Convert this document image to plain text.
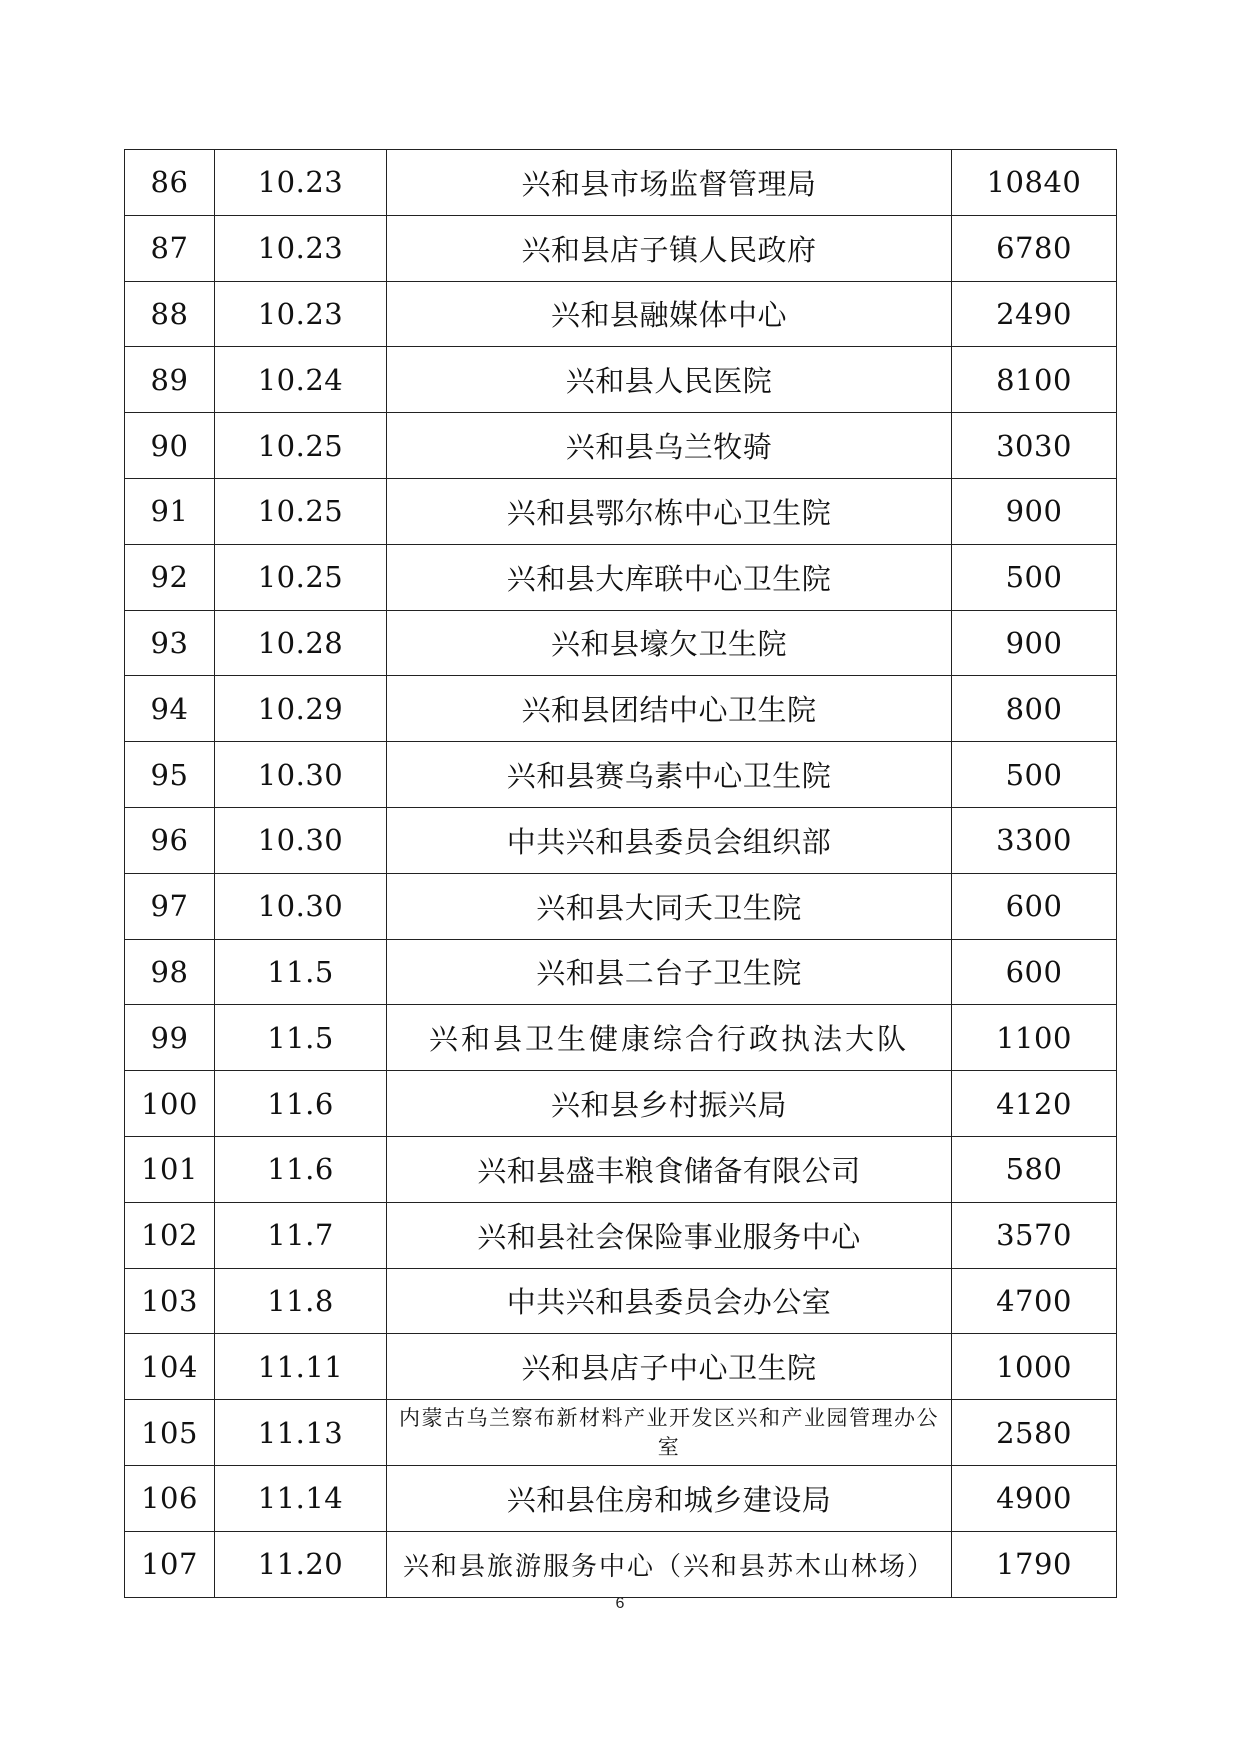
86	10.23	兴和县市场监督管理局	10840
87	10.23	兴和县店子镇人民政府	6780
88	10.23	兴和县融媒体中心	2490
89	10.24	兴和县人民医院	8100
90	10.25	兴和县乌兰牧骑	3030
91	10.25	兴和县鄂尔栋中心卫生院	900
92	10.25	兴和县大库联中心卫生院	500
93	10.28	兴和县壕欠卫生院	900
94	10.29	兴和县团结中心卫生院	800
95	10.30	兴和县赛乌素中心卫生院	500
96	10.30	中共兴和县委员会组织部	3300
97	10.30	兴和县大同夭卫生院	600
98	11.5	兴和县二台子卫生院	600
99	11.5	兴和县卫生健康综合行政执法大队	1100
100	11.6	兴和县乡村振兴局	4120
101	11.6	兴和县盛丰粮食储备有限公司	580
102	11.7	兴和县社会保险事业服务中心	3570
103	11.8	中共兴和县委员会办公室	4700
104	11.11	兴和县店子中心卫生院	1000
105	11.13	内蒙古乌兰察布新材料产业开发区兴和产业园管理办公室	2580
106	11.14	兴和县住房和城乡建设局	4900
107	11.20	兴和县旅游服务中心（兴和县苏木山林场）	1790
6
